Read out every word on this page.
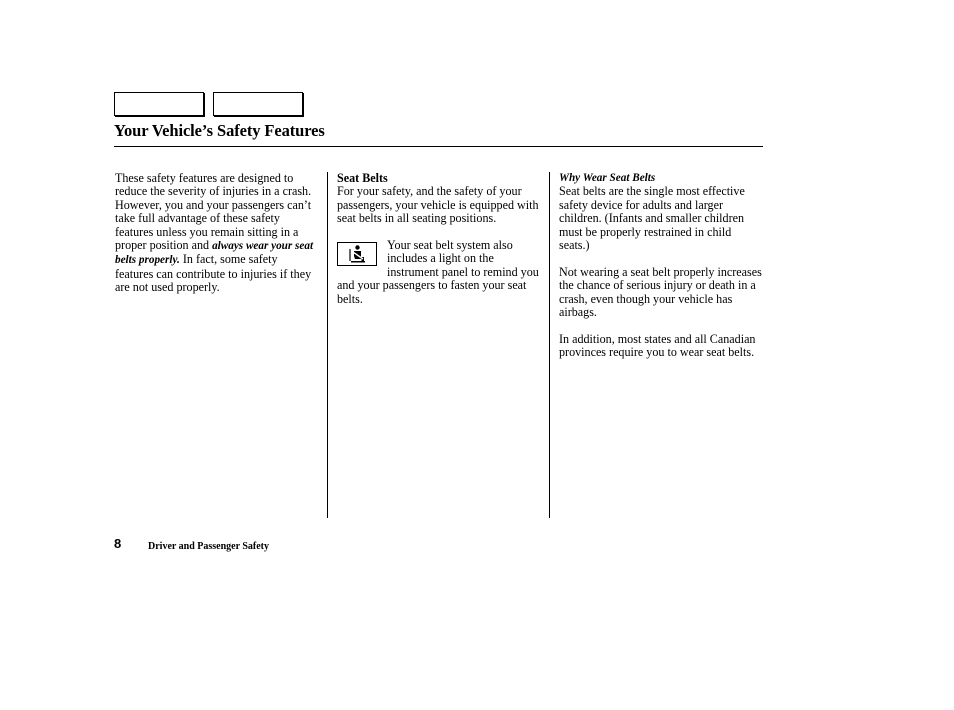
Your Vehicle’s Safety Features

These safety features are designed to reduce the severity of injuries in a crash. However, you and your passengers can’t take full advantage of these safety features unless you remain sitting in a proper position and always wear your seat belts properly. In fact, some safety features can contribute to injuries if they are not used properly.

Seat Belts

For your safety, and the safety of your passengers, your vehicle is equipped with seat belts in all seating positions.

Your seat belt system also includes a light on the instrument panel to remind you and your passengers to fasten your seat belts.

Why Wear Seat Belts

Seat belts are the single most effective safety device for adults and larger children. (Infants and smaller children must be properly restrained in child seats.)

Not wearing a seat belt properly increases the chance of serious injury or death in a crash, even though your vehicle has airbags.

In addition, most states and all Canadian provinces require you to wear seat belts.

8	Driver and Passenger Safety
